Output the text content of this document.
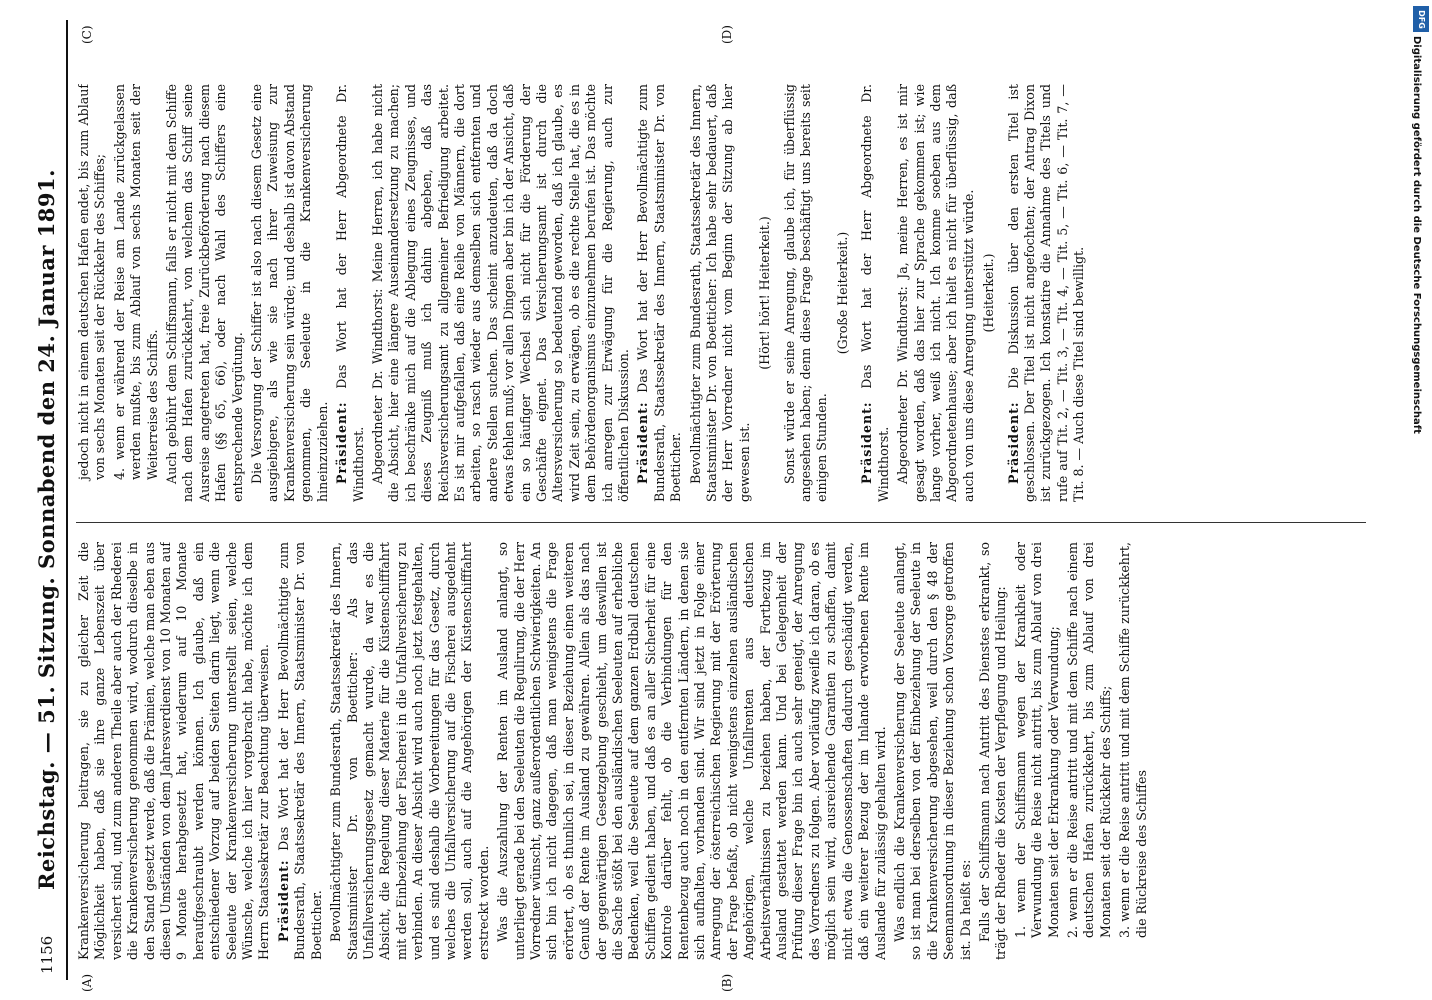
1156
Reichstag. — 51. Sitzung. Sonnabend den 24. Januar 1891.
(A)	(B)
(C)	(D)

Krankenversicherung beitragen, sie zu gleicher Zeit die Möglichkeit haben, daß sie ihre ganze Lebenszeit über versichert sind, und zum anderen Theile aber auch der Rhederei die Krankenversicherung genommen wird, wodurch dieselbe in den Stand gesetzt werde, daß die Prämien, welche man eben aus diesen Umständen von dem Jahresverdienst von 10 Monaten auf 9 Monate herabgesetzt hat, wiederum auf 10 Monate heraufgeschraubt werden können. Ich glaube, daß ein entschiedener Vorzug auf beiden Seiten darin liegt, wenn die Seeleute der Krankenversicherung unterstellt seien, welche Wünsche, welche ich hier vorgebracht habe, möchte ich dem Herrn Staatssekretär zur Beachtung überweisen. Präsident: Das Wort hat der Herr Bevollmächtigte zum Bundesrath, Staatssekretär des Innern, Staatsminister Dr. von Boetticher. Bevollmächtigter zum Bundesrath, Staatssekretär des Innern, Staatsminister Dr. von Boetticher: Als das Unfallversicherungsgesetz gemacht wurde, da war es die Absicht, die Regelung dieser Materie für die Küstenschifffahrt mit der Einbeziehung der Fischerei in die Unfallversicherung zu verbinden. An dieser Absicht wird auch noch jetzt festgehalten, und es sind deshalb die Vorbereitungen für das Gesetz, durch welches die Unfallversicherung auf die Fischerei ausgedehnt werden soll, auch auf die Angehörigen der Küstenschifffahrt erstreckt worden. Was die Auszahlung der Renten im Ausland anlangt, so unterliegt gerade bei den Seeleuten die Regulirung, die der Herr Vorredner wünscht, ganz außerordentlichen Schwierigkeiten. An sich bin ich nicht dagegen, daß man wenigstens die Frage erörtert, ob es thunlich sei, in dieser Beziehung einen weiteren Genuß der Rente im Ausland zu gewähren. Allein als das nach der gegenwärtigen Gesetzgebung geschieht, um deswillen ist die Sache stößt bei den ausländischen Seeleuten auf erhebliche Bedenken, weil die Seeleute auf dem ganzen Erdball deutschen Schiffen gedient haben, und daß es an aller Sicherheit für eine Kontrole darüber fehlt, ob die Verbindungen für den Rentenbezug auch noch in den entfernten Ländern, in denen sie sich aufhalten, vorhanden sind. Wir sind jetzt in Folge einer Anregung der österreichischen Regierung mit der Erörterung der Frage befaßt, ob nicht wenigstens einzelnen ausländischen Angehörigen, welche Unfallrenten aus deutschen Arbeitsverhältnissen zu beziehen haben, der Fortbezug im Ausland gestattet werden kann. Und bei Gelegenheit der Prüfung dieser Frage bin ich auch sehr geneigt, der Anregung des Vorredners zu folgen. Aber vorläufig zweifle ich daran, ob es möglich sein wird, ausreichende Garantien zu schaffen, damit nicht etwa die Genossenschaften dadurch geschädigt werden, daß ein weiterer Bezug der im Inlande erworbenen Rente im Auslande für zulässig gehalten wird. Was endlich die Krankenversicherung der Seeleute anlangt, so ist man bei derselben von der Einbeziehung der Seeleute in die Krankenversicherung abgesehen, weil durch den § 48 der Seemannsordnung in dieser Beziehung schon Vorsorge getroffen ist. Da heißt es: Falls der Schiffsmann nach Antritt des Dienstes erkrankt, so trägt der Rheder die Kosten der Verpflegung und Heilung: 1. wenn der Schiffsmann wegen der Krankheit oder Verwundung die Reise nicht antritt, bis zum Ablauf von drei Monaten seit der Erkrankung oder Verwundung; 2. wenn er die Reise antritt und mit dem Schiffe nach einem deutschen Hafen zurückkehrt, bis zum Ablauf von drei Monaten seit der Rückkehr des Schiffs; 3. wenn er die Reise antritt und mit dem Schiffe zurückkehrt, die Rückreise des Schiffes

jedoch nicht in einem deutschen Hafen endet, bis zum Ablauf von sechs Monaten seit der Rückkehr des Schiffes; 4. wenn er während der Reise am Lande zurückgelassen werden mußte, bis zum Ablauf von sechs Monaten seit der Weiterreise des Schiffs. Auch gebührt dem Schiffsmann, falls er nicht mit dem Schiffe nach dem Hafen zurückkehrt, von welchem das Schiff seine Ausreise angetreten hat, freie Zurückbeförderung nach diesem Hafen (§§ 65, 66), oder nach Wahl des Schiffers eine entsprechende Vergütung. Die Versorgung der Schiffer ist also nach diesem Gesetz eine ausgiebigere, als wie sie nach ihrer Zuweisung zur Krankenversicherung sein würde; und deshalb ist davon Abstand genommen, die Seeleute in die Krankenversicherung hineinzuziehen. Präsident: Das Wort hat der Herr Abgeordnete Dr. Windthorst. Abgeordneter Dr. Windthorst: Meine Herren, ich habe nicht die Absicht, hier eine längere Auseinandersetzung zu machen; ich beschränke mich auf die Ablegung eines Zeugnisses, und dieses Zeugniß muß ich dahin abgeben, daß das Reichsversicherungsamt zu allgemeiner Befriedigung arbeitet. Es ist mir aufgefallen, daß eine Reihe von Männern, die dort arbeiten, so rasch wieder aus demselben sich entfernten und andere Stellen suchen. Das scheint anzudeuten, daß da doch etwas fehlen muß; vor allen Dingen aber bin ich der Ansicht, daß ein so häufiger Wechsel sich nicht für die Förderung der Geschäfte eignet. Das Versicherungsamt ist durch die Altersversicherung so bedeutend geworden, daß ich glaube, es wird Zeit sein, zu erwägen, ob es die rechte Stelle hat, die es in dem Behördenorganismus einzunehmen berufen ist. Das möchte ich anregen zur Erwägung für die Regierung, auch zur öffentlichen Diskussion. Präsident: Das Wort hat der Herr Bevollmächtigte zum Bundesrath, Staatssekretär des Innern, Staatsminister Dr. von Boetticher. Bevollmächtigter zum Bundesrath, Staatssekretär des Innern, Staatsminister Dr. von Boetticher: Ich habe sehr bedauert, daß der Herr Vorredner nicht vom Beginn der Sitzung ab hier gewesen ist.

(Hört! hört! Heiterkeit.) Sonst würde er seine Anregung, glaube ich, für überflüssig angesehen haben; denn diese Frage beschäftigt uns bereits seit einigen Stunden.

(Große Heiterkeit.)

Präsident: Das Wort hat der Herr Abgeordnete Dr. Windthorst. Abgeordneter Dr. Windthorst: Ja, meine Herren, es ist mir gesagt worden, daß das hier zur Sprache gekommen ist; wie lange vorher, weiß ich nicht. Ich komme soeben aus dem Abgeordnetenhause; aber ich hielt es nicht für überflüssig, daß auch von uns diese Anregung unterstützt würde. (Heiterkeit.)

Präsident: Die Diskussion über den ersten Titel ist geschlossen. Der Titel ist nicht angefochten; der Antrag Dixon ist zurückgezogen. Ich konstatire die Annahme des Titels und rufe auf Tit. 2, — Tit. 3, — Tit. 4, — Tit. 5, — Tit. 6, — Tit. 7, — Tit. 8. — Auch diese Titel sind bewilligt.

DFG
Digitalisierung gefördert durch die Deutsche Forschungsgemeinschaft
